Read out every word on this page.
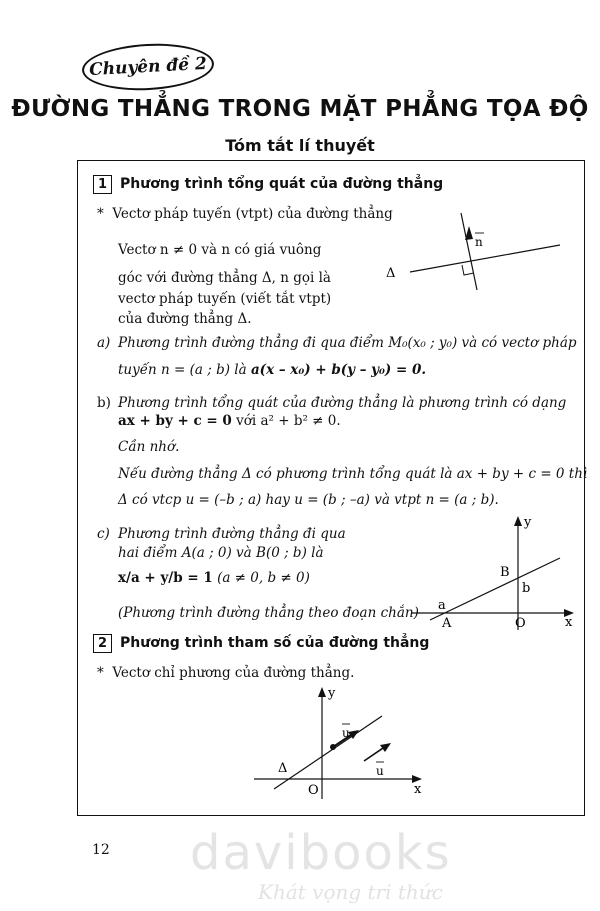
Chuyên đề 2
ĐƯỜNG THẲNG TRONG MẶT PHẲNG TỌA ĐỘ
Tóm tắt lí thuyết
1 Phương trình tổng quát của đường thẳng
* Vectơ pháp tuyến (vtpt) của đường thẳng
Vectơ n ≠ 0 và n có giá vuông
góc với đường thẳng Δ, n gọi là
vectơ pháp tuyến (viết tắt vtpt)
của đường thẳng Δ.
Δ
n
a) Phương trình đường thẳng đi qua điểm M₀(x₀ ; y₀) và có vectơ pháp
tuyến n = (a ; b) là a(x – x₀) + b(y – y₀) = 0.
b) Phương trình tổng quát của đường thẳng là phương trình có dạng
ax + by + c = 0 với a² + b² ≠ 0.
Cần nhớ.
Nếu đường thẳng Δ có phương trình tổng quát là ax + by + c = 0 thì
Δ có vtcp u = (–b ; a) hay u = (b ; –a) và vtpt n = (a ; b).
c) Phương trình đường thẳng đi qua
hai điểm A(a ; 0) và B(0 ; b) là
x/a + y/b = 1 (a ≠ 0, b ≠ 0)
(Phương trình đường thẳng theo đoạn chắn)
y
x
B
b
a
A	O
2 Phương trình tham số của đường thẳng
* Vectơ chỉ phương của đường thẳng.
y
x
O
Δ
u
u
12 davibooks
Khát vọng tri thức
